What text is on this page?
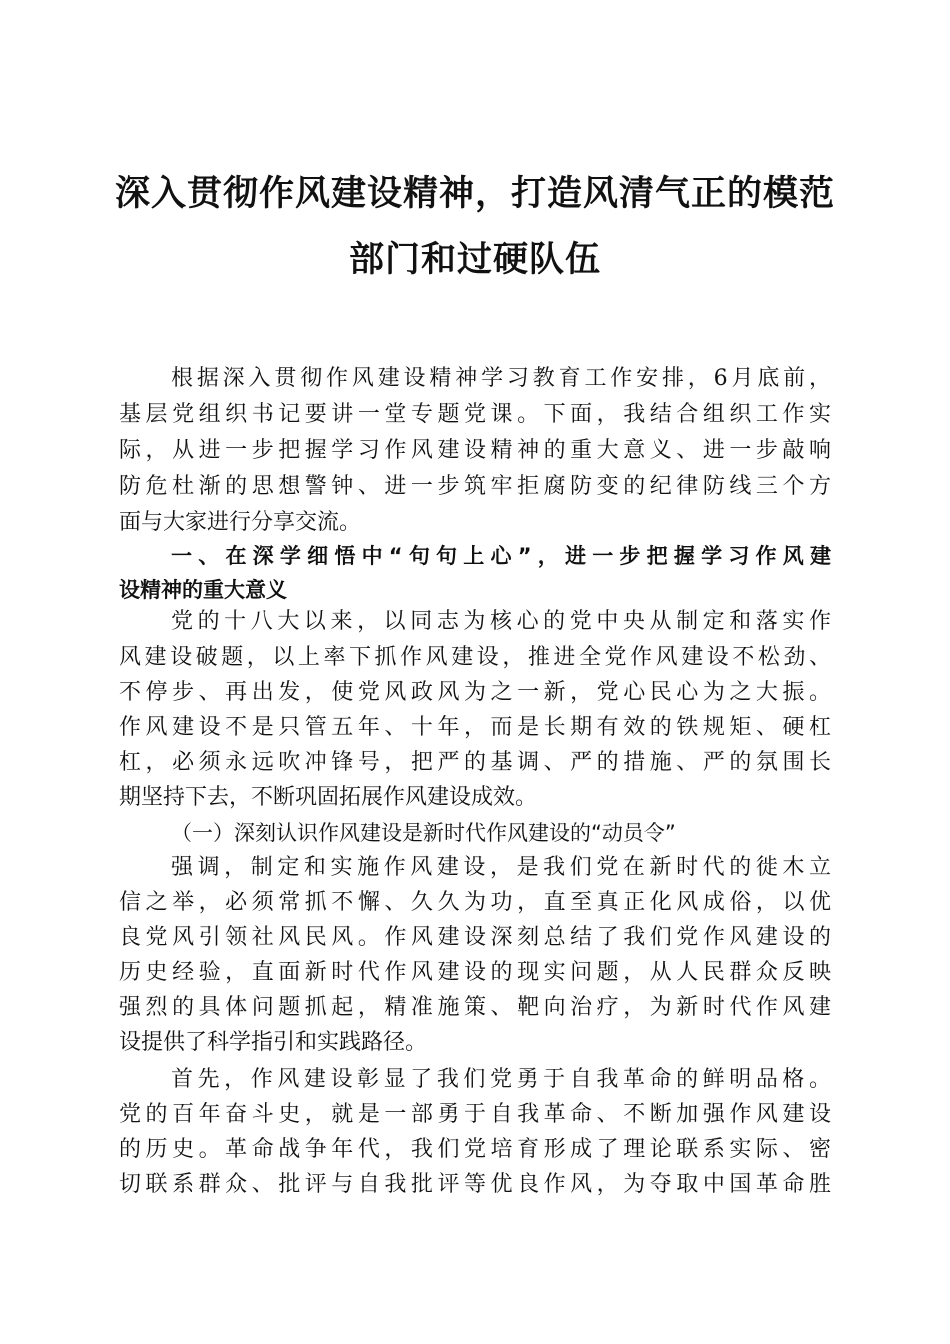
深入贯彻作风建设精神，打造风清气正的模范
部门和过硬队伍
根据深入贯彻作风建设精神学习教育工作安排，6月底前，
基层党组织书记要讲一堂专题党课。下面，我结合组织工作实
际，从进一步把握学习作风建设精神的重大意义、进一步敲响
防危杜渐的思想警钟、进一步筑牢拒腐防变的纪律防线三个方
面与大家进行分享交流。
一、在深学细悟中“句句上心”，进一步把握学习作风建
设精神的重大意义
党的十八大以来，以同志为核心的党中央从制定和落实作
风建设破题，以上率下抓作风建设，推进全党作风建设不松劲、
不停步、再出发，使党风政风为之一新，党心民心为之大振。
作风建设不是只管五年、十年，而是长期有效的铁规矩、硬杠
杠，必须永远吹冲锋号，把严的基调、严的措施、严的氛围长
期坚持下去，不断巩固拓展作风建设成效。
（一）深刻认识作风建设是新时代作风建设的“动员令”
强调，制定和实施作风建设，是我们党在新时代的徙木立
信之举，必须常抓不懈、久久为功，直至真正化风成俗，以优
良党风引领社风民风。作风建设深刻总结了我们党作风建设的
历史经验，直面新时代作风建设的现实问题，从人民群众反映
强烈的具体问题抓起，精准施策、靶向治疗，为新时代作风建
设提供了科学指引和实践路径。
首先，作风建设彰显了我们党勇于自我革命的鲜明品格。
党的百年奋斗史，就是一部勇于自我革命、不断加强作风建设
的历史。革命战争年代，我们党培育形成了理论联系实际、密
切联系群众、批评与自我批评等优良作风，为夺取中国革命胜
